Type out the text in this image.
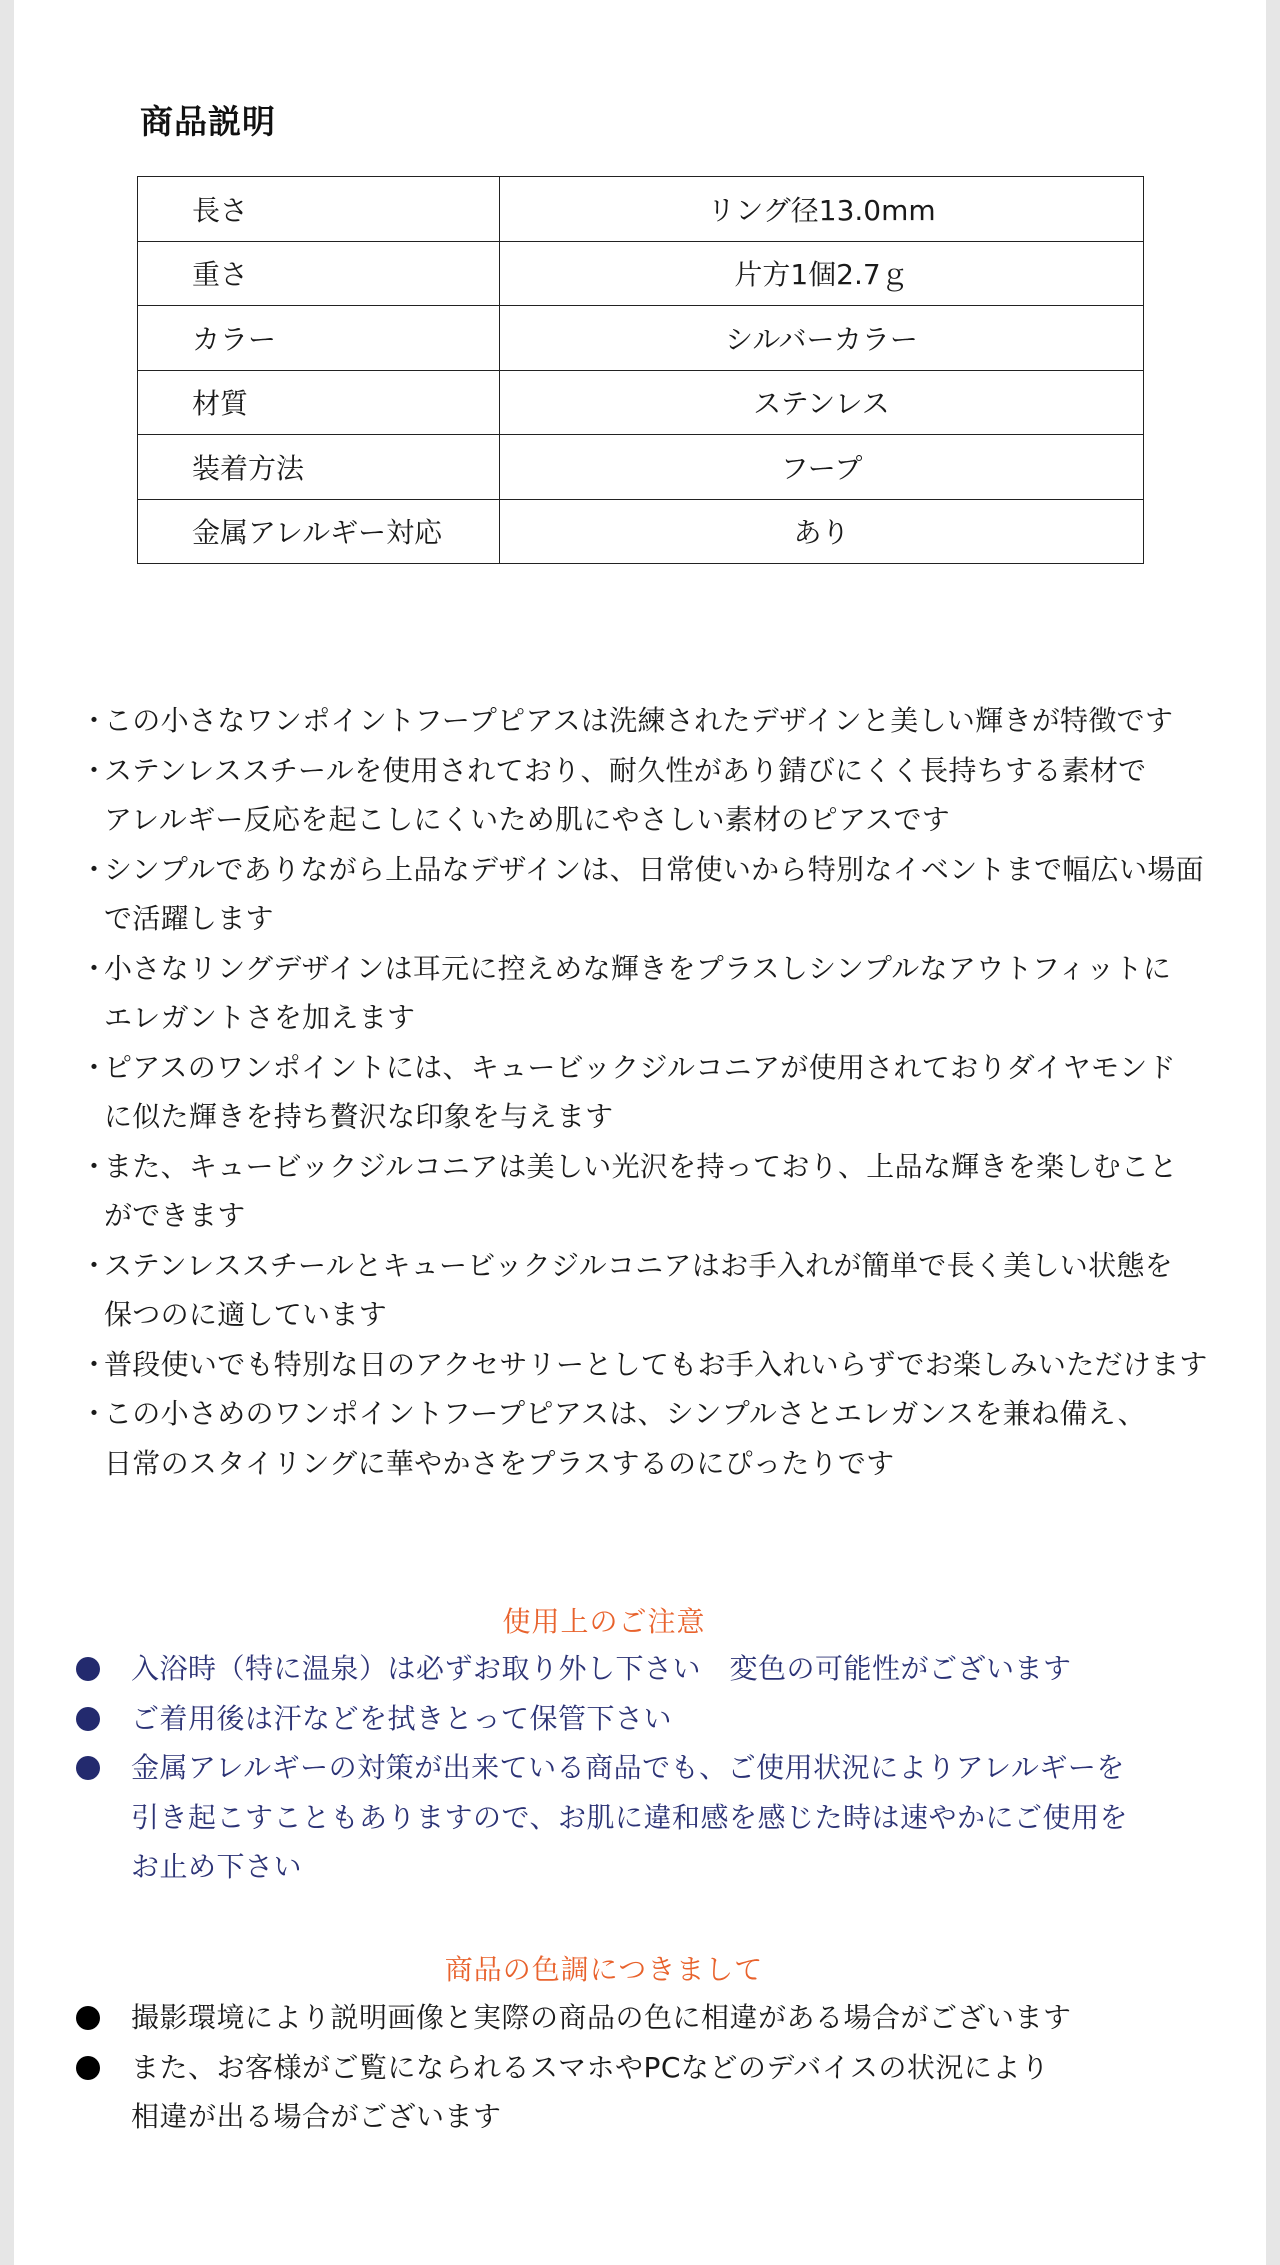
商品説明
長さ	リング径13.0mm
重さ	片方1個2.7ｇ
カラー	シルバーカラー
材質	ステンレス
装着方法	フープ
金属アレルギー対応	あり
・
この小さなワンポイントフープピアスは洗練されたデザインと美しい輝きが特徴です
・
ステンレススチールを使用されており、耐久性があり錆びにくく長持ちする素材で
アレルギー反応を起こしにくいため肌にやさしい素材のピアスです
・
シンプルでありながら上品なデザインは、日常使いから特別なイベントまで幅広い場面
で活躍します
・
小さなリングデザインは耳元に控えめな輝きをプラスしシンプルなアウトフィットに
エレガントさを加えます
・
ピアスのワンポイントには、キュービックジルコニアが使用されておりダイヤモンド
に似た輝きを持ち贅沢な印象を与えます
・
また、キュービックジルコニアは美しい光沢を持っており、上品な輝きを楽しむこと
ができます
・
ステンレススチールとキュービックジルコニアはお手入れが簡単で長く美しい状態を
保つのに適しています
・
普段使いでも特別な日のアクセサリーとしてもお手入れいらずでお楽しみいただけます
・
この小さめのワンポイントフープピアスは、シンプルさとエレガンスを兼ね備え、
日常のスタイリングに華やかさをプラスするのにぴったりです
使用上のご注意
入浴時（特に温泉）は必ずお取り外し下さい　変色の可能性がございます
ご着用後は汗などを拭きとって保管下さい
金属アレルギーの対策が出来ている商品でも、ご使用状況によりアレルギーを
引き起こすこともありますので、お肌に違和感を感じた時は速やかにご使用を
お止め下さい
商品の色調につきまして
撮影環境により説明画像と実際の商品の色に相違がある場合がございます
また、お客様がご覧になられるスマホやPCなどのデバイスの状況により
相違が出る場合がございます
